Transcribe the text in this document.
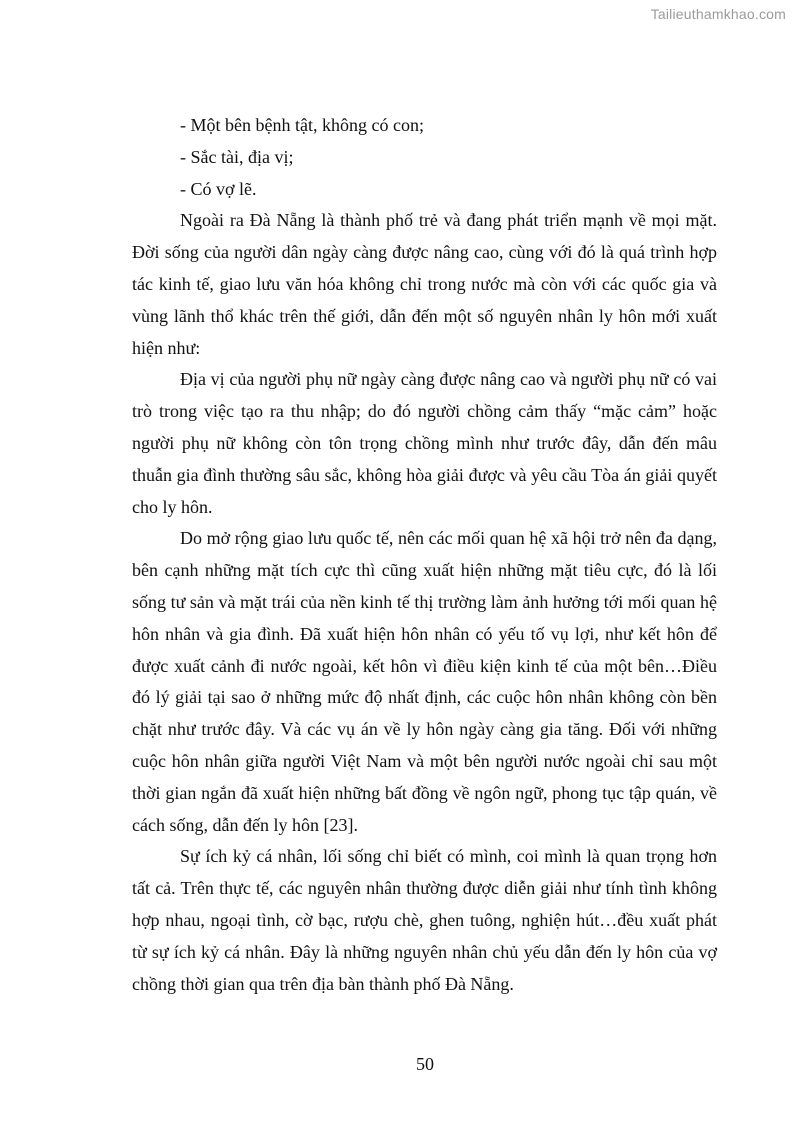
Tailieuthamkhao.com

- Một bên bệnh tật, không có con;

- Sắc tài, địa vị;

- Có vợ lẽ.

Ngoài ra Đà Nẵng là thành phố trẻ và đang phát triển mạnh về mọi mặt. Đời sống của người dân ngày càng được nâng cao, cùng với đó là quá trình hợp tác kinh tế, giao lưu văn hóa không chỉ trong nước mà còn với các quốc gia và vùng lãnh thổ khác trên thế giới, dẫn đến một số nguyên nhân ly hôn mới xuất hiện như:

Địa vị của người phụ nữ ngày càng được nâng cao và người phụ nữ có vai trò trong việc tạo ra thu nhập; do đó người chồng cảm thấy “mặc cảm” hoặc người phụ nữ không còn tôn trọng chồng mình như trước đây, dẫn đến mâu thuẫn gia đình thường sâu sắc, không hòa giải được và yêu cầu Tòa án giải quyết cho ly hôn.

Do mở rộng giao lưu quốc tế, nên các mối quan hệ xã hội trở nên đa dạng, bên cạnh những mặt tích cực thì cũng xuất hiện những mặt tiêu cực, đó là lối sống tư sản và mặt trái của nền kinh tế thị trường làm ảnh hưởng tới mối quan hệ hôn nhân và gia đình. Đã xuất hiện hôn nhân có yếu tố vụ lợi, như kết hôn để được xuất cảnh đi nước ngoài, kết hôn vì điều kiện kinh tế của một bên…Điều đó lý giải tại sao ở những mức độ nhất định, các cuộc hôn nhân không còn bền chặt như trước đây. Và các vụ án về ly hôn ngày càng gia tăng. Đối với những cuộc hôn nhân giữa người Việt Nam và một bên người nước ngoài chỉ sau một thời gian ngắn đã xuất hiện những bất đồng về ngôn ngữ, phong tục tập quán, về cách sống, dẫn đến ly hôn [23].

Sự ích kỷ cá nhân, lối sống chỉ biết có mình, coi mình là quan trọng hơn tất cả. Trên thực tế, các nguyên nhân thường được diễn giải như tính tình không hợp nhau, ngoại tình, cờ bạc, rượu chè, ghen tuông, nghiện hút…đều xuất phát từ sự ích kỷ cá nhân. Đây là những nguyên nhân chủ yếu dẫn đến ly hôn của vợ chồng thời gian qua trên địa bàn thành phố Đà Nẵng.

50
